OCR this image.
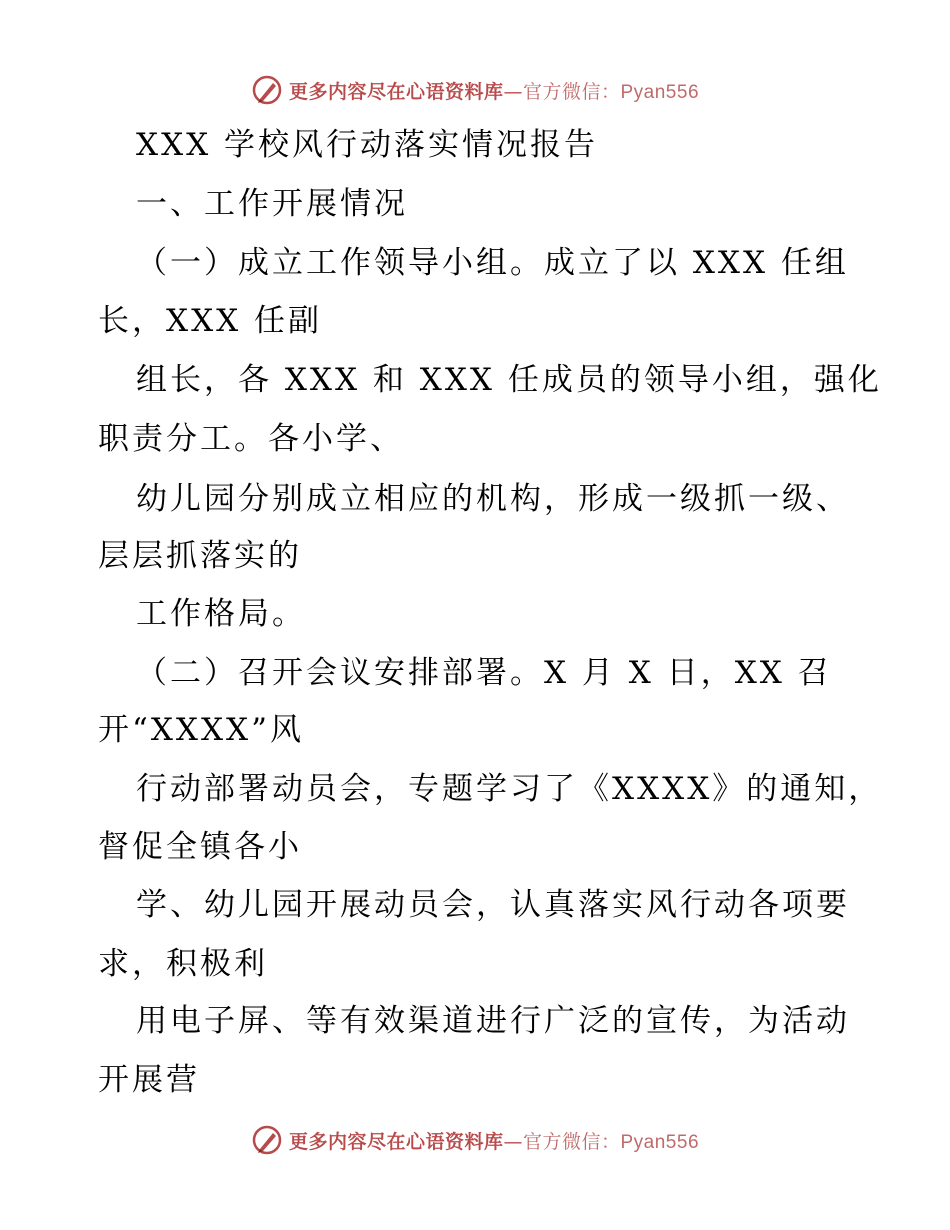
更多内容尽在心语资料库—官方微信：Pyan556
XXX 学校风行动落实情况报告
一、工作开展情况
（一）成立工作领导小组。成立了以 XXX 任组
长，XXX 任副
组长，各 XXX 和 XXX 任成员的领导小组，强化
职责分工。各小学、
幼儿园分别成立相应的机构，形成一级抓一级、
层层抓落实的
工作格局。
（二）召开会议安排部署。X 月 X 日，XX 召
开“XXXX”风
行动部署动员会，专题学习了《XXXX》的通知，
督促全镇各小
学、幼儿园开展动员会，认真落实风行动各项要
求，积极利
用电子屏、等有效渠道进行广泛的宣传，为活动
开展营
更多内容尽在心语资料库—官方微信：Pyan556
